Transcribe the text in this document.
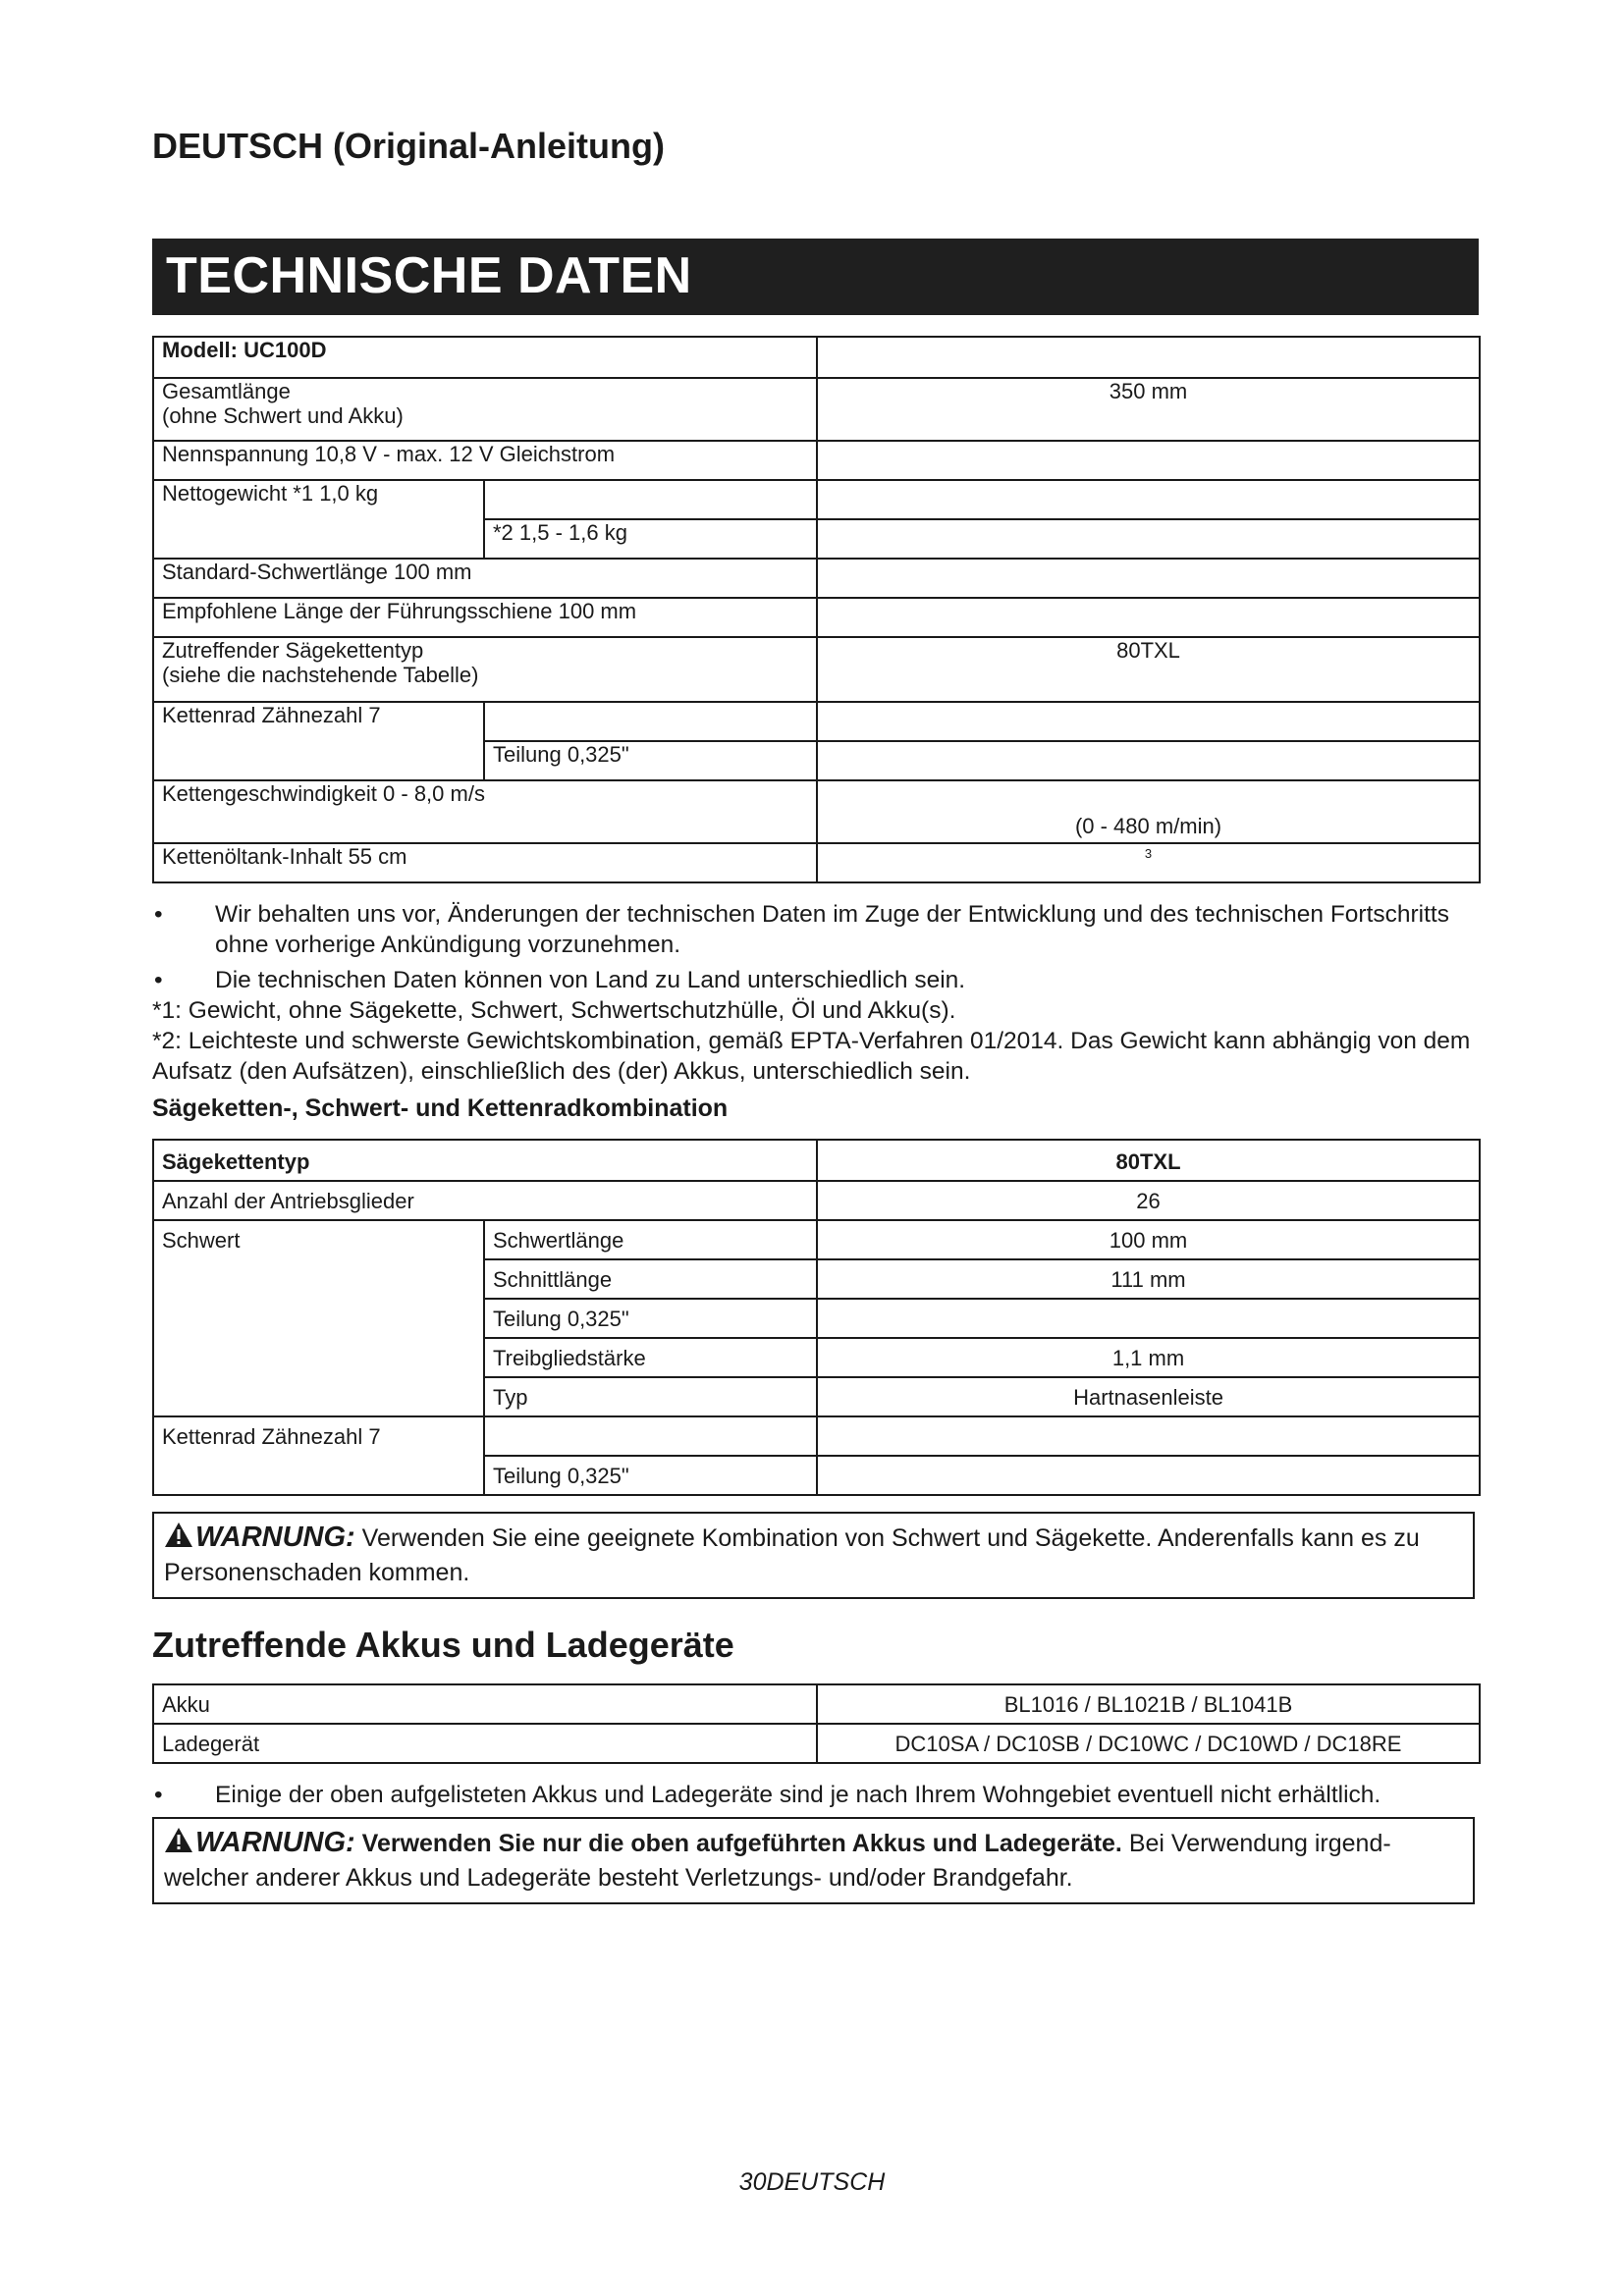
DEUTSCH (Original-Anleitung)
TECHNISCHE DATEN
Modell: UC100D		
Gesamtlänge
(ohne Schwert und Akku)		350 mm
Nennspannung 10,8 V - max. 12 V Gleichstrom		
Nettogewicht *1 1,0 kg		
	*2 1,5 - 1,6 kg	
Standard-Schwertlänge 100 mm		
Empfohlene Länge der Führungsschiene 100 mm		
Zutreffender Sägekettentyp
(siehe die nachstehende Tabelle)		80TXL
Kettenrad Zähnezahl 7		
	Teilung 0,325"	
Kettengeschwindigkeit 0 - 8,0 m/s		(0 - 480 m/min)
Kettenöltank-Inhalt 55 cm		3
• Wir behalten uns vor, Änderungen der technischen Daten im Zuge der Entwicklung und des technischen Fortschritts ohne vorherige Ankündigung vorzunehmen.
• Die technischen Daten können von Land zu Land unterschiedlich sein.
*1: Gewicht, ohne Sägekette, Schwert, Schwertschutzhülle, Öl und Akku(s).
*2: Leichteste und schwerste Gewichtskombination, gemäß EPTA-Verfahren 01/2014. Das Gewicht kann abhängig von dem Aufsatz (den Aufsätzen), einschließlich des (der) Akkus, unterschiedlich sein.
Sägeketten-, Schwert- und Kettenradkombination
Sägekettentyp		80TXL
Anzahl der Antriebsglieder		26
Schwert	Schwertlänge	100 mm
	Schnittlänge	111 mm
	Teilung 0,325"	
	Treibgliedstärke	1,1 mm
	Typ	Hartnasenleiste
Kettenrad Zähnezahl 7		
	Teilung 0,325"	
WARNUNG: Verwenden Sie eine geeignete Kombination von Schwert und Sägekette. Anderenfalls kann es zu Personenschaden kommen.
Zutreffende Akkus und Ladegeräte
Akku	BL1016 / BL1021B / BL1041B
Ladegerät	DC10SA / DC10SB / DC10WC / DC10WD / DC18RE
• Einige der oben aufgelisteten Akkus und Ladegeräte sind je nach Ihrem Wohngebiet eventuell nicht erhältlich.
WARNUNG: Verwenden Sie nur die oben aufgeführten Akkus und Ladegeräte. Bei Verwendung irgend-welcher anderer Akkus und Ladegeräte besteht Verletzungs- und/oder Brandgefahr.
30DEUTSCH
